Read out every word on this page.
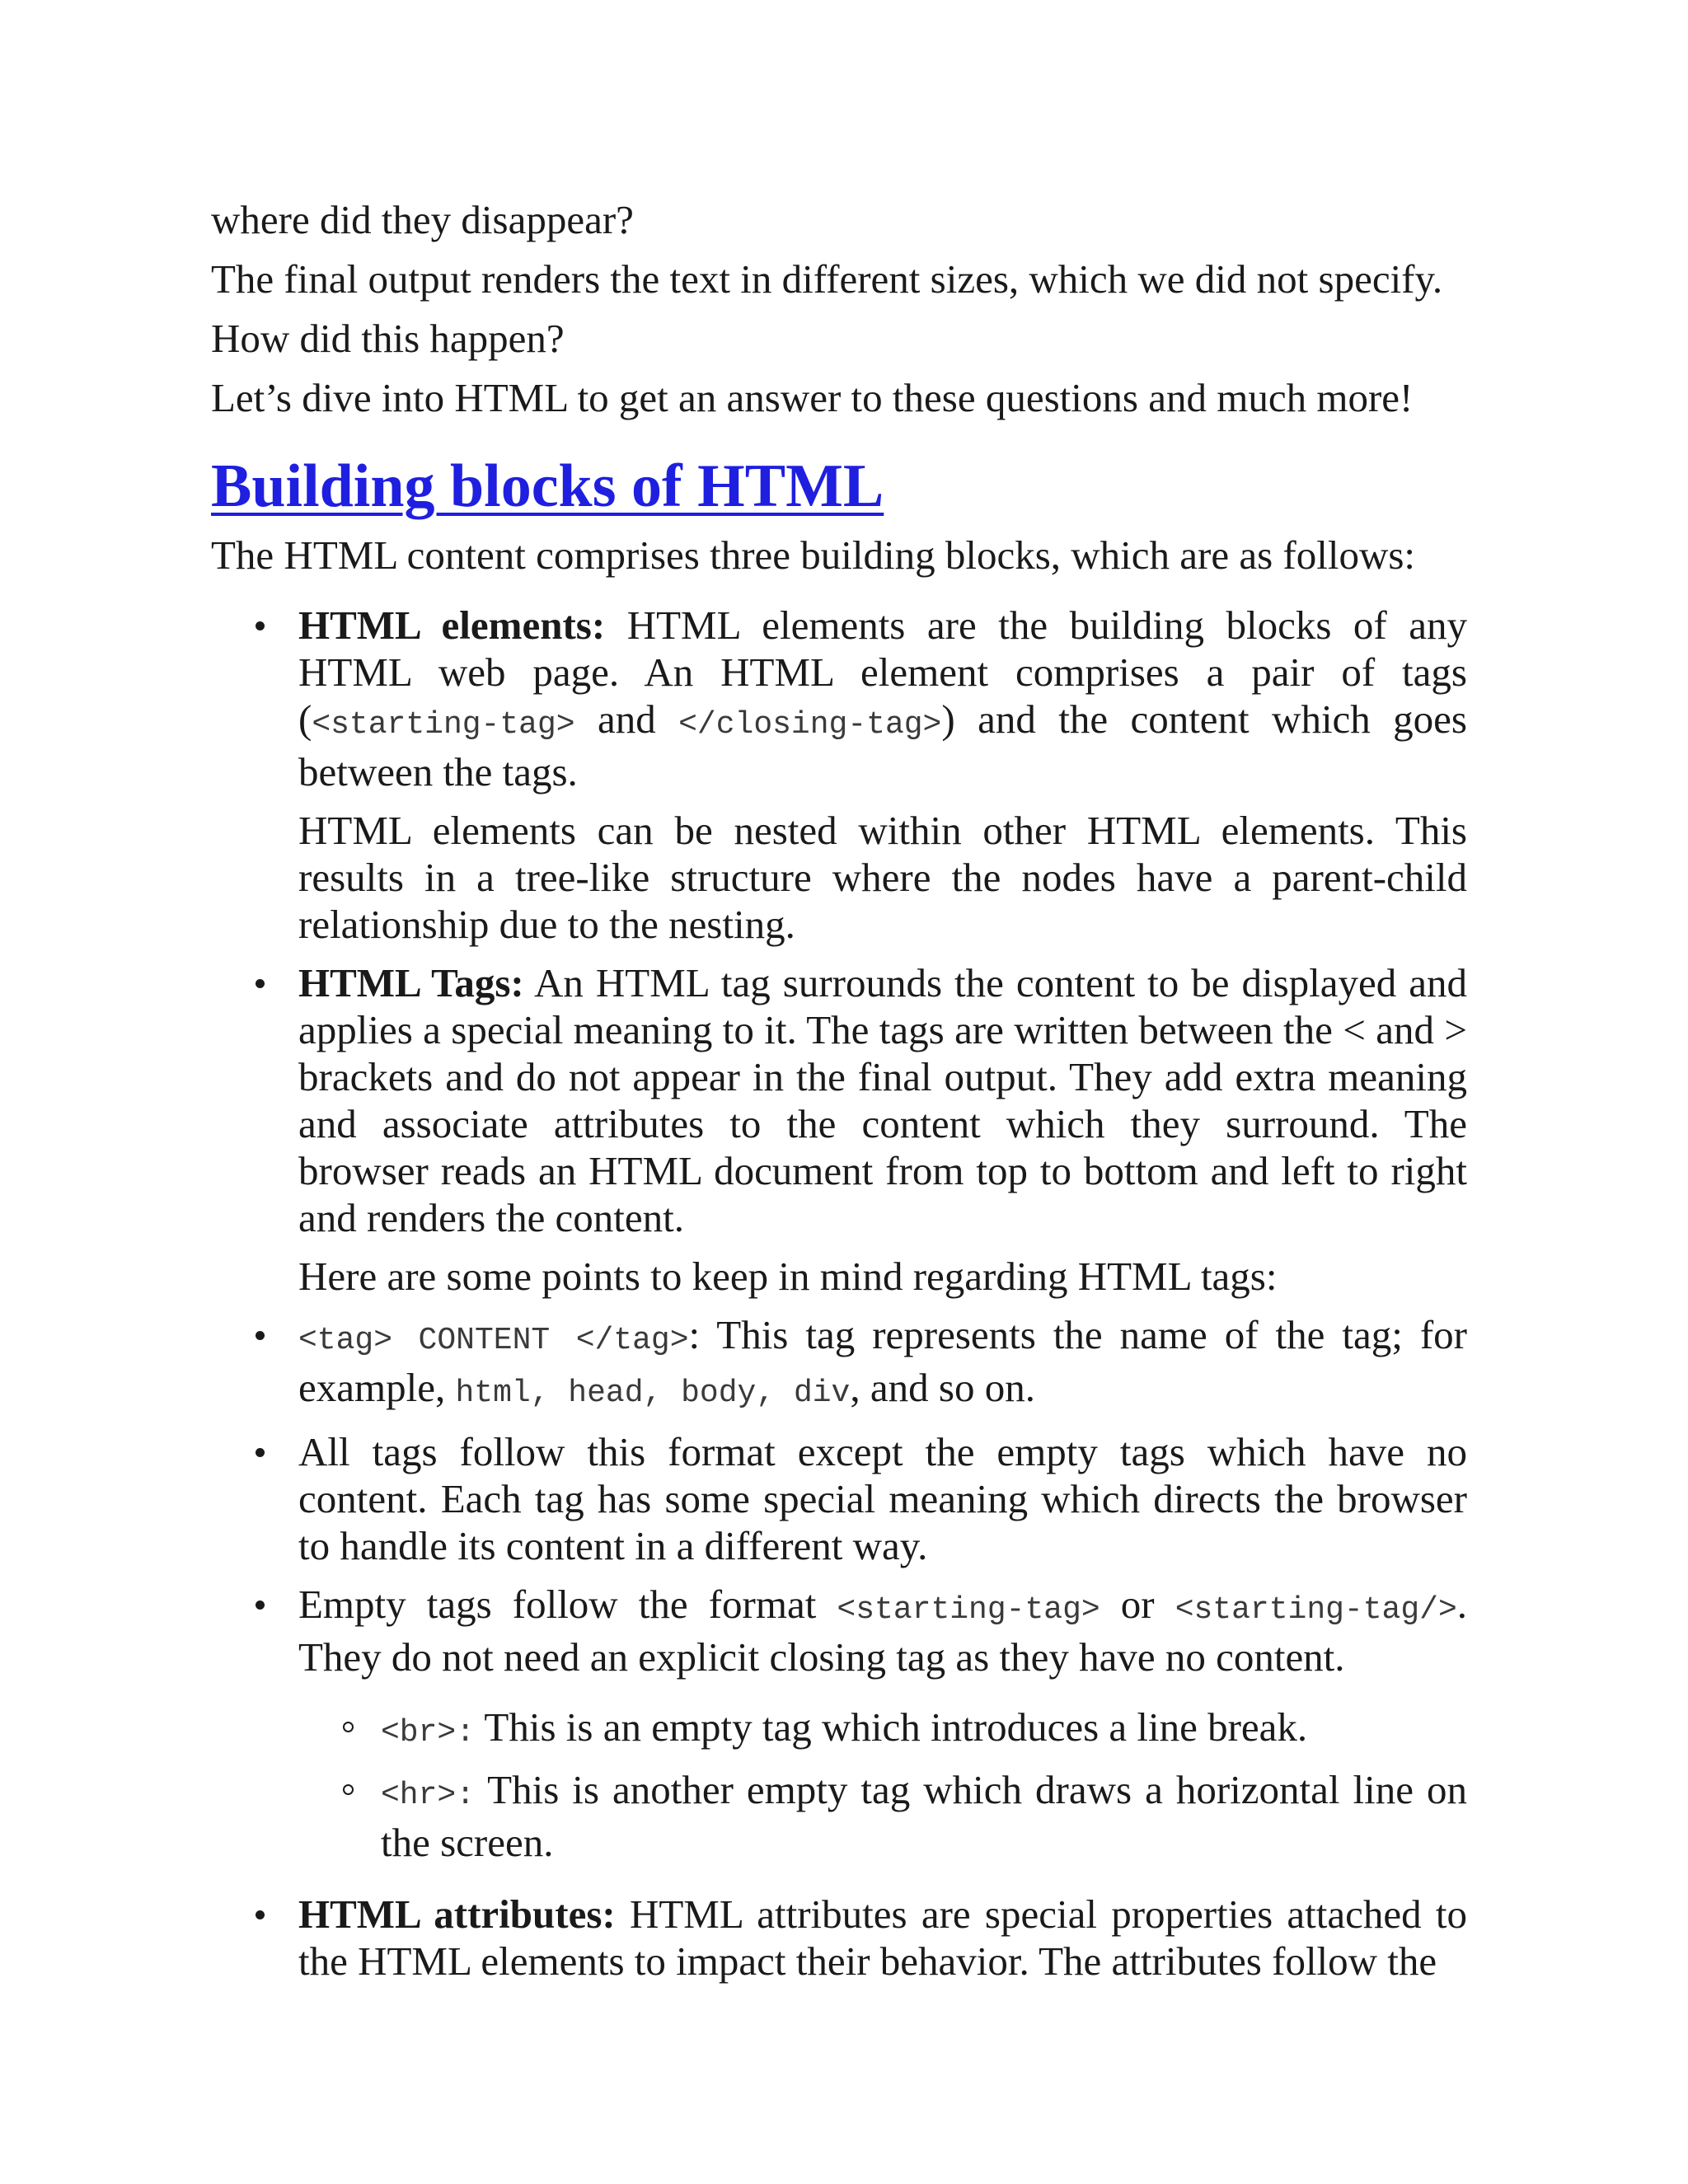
where did they disappear?

The final output renders the text in different sizes, which we did not specify.

How did this happen?

Let’s dive into HTML to get an answer to these questions and much more!

Building blocks of HTML

The HTML content comprises three building blocks, which are as follows:

HTML elements: HTML elements are the building blocks of any HTML web page. An HTML element comprises a pair of tags (<starting-tag> and </closing-tag>) and the content which goes between the tags.

HTML elements can be nested within other HTML elements. This results in a tree-like structure where the nodes have a parent-child relationship due to the nesting.

HTML Tags: An HTML tag surrounds the content to be displayed and applies a special meaning to it. The tags are written between the < and > brackets and do not appear in the final output. They add extra meaning and associate attributes to the content which they surround. The browser reads an HTML document from top to bottom and left to right and renders the content.

Here are some points to keep in mind regarding HTML tags:

<tag> CONTENT </tag>: This tag represents the name of the tag; for example, html, head, body, div, and so on.
All tags follow this format except the empty tags which have no content. Each tag has some special meaning which directs the browser to handle its content in a different way.
Empty tags follow the format <starting-tag> or <starting-tag/>. They do not need an explicit closing tag as they have no content.
<br>: This is an empty tag which introduces a line break.
<hr>: This is another empty tag which draws a horizontal line on the screen.
HTML attributes: HTML attributes are special properties attached to the HTML elements to impact their behavior. The attributes follow the
